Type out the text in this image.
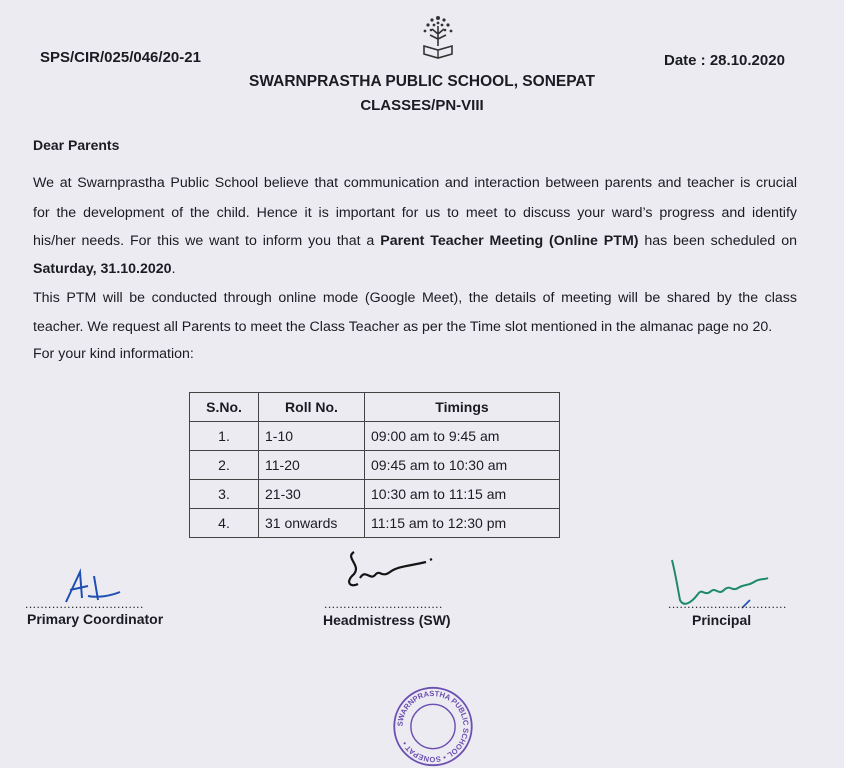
SPS/CIR/025/046/20-21	Date : 28.10.2020
SWARNPRASTHA PUBLIC SCHOOL, SONEPAT
CLASSES/PN-VIII
Dear Parents
We at Swarnprastha Public School believe that communication and interaction between parents and teacher is crucial
for the development of the child. Hence it is important for us to meet to discuss your ward’s progress and identify
his/her needs. For this we want to inform you that a Parent Teacher Meeting (Online PTM) has been scheduled on
Saturday, 31.10.2020.
This PTM will be conducted through online mode (Google Meet), the details of meeting will be shared by the class
teacher. We request all Parents to meet the Class Teacher as per the Time slot mentioned in the almanac page no 20.
For your kind information:
S.No.	Roll No.	Timings
1.	1-10	09:00 am to 9:45 am
2.	11-20	09:45 am to 10:30 am
3.	21-30	10:30 am to 11:15 am
4.	31 onwards	11:15 am to 12:30 pm
...............................
Primary Coordinator
...............................
Headmistress (SW)
...............................
Principal
SWARNPRASTHA PUBLIC SCHOOL • SONEPAT •
